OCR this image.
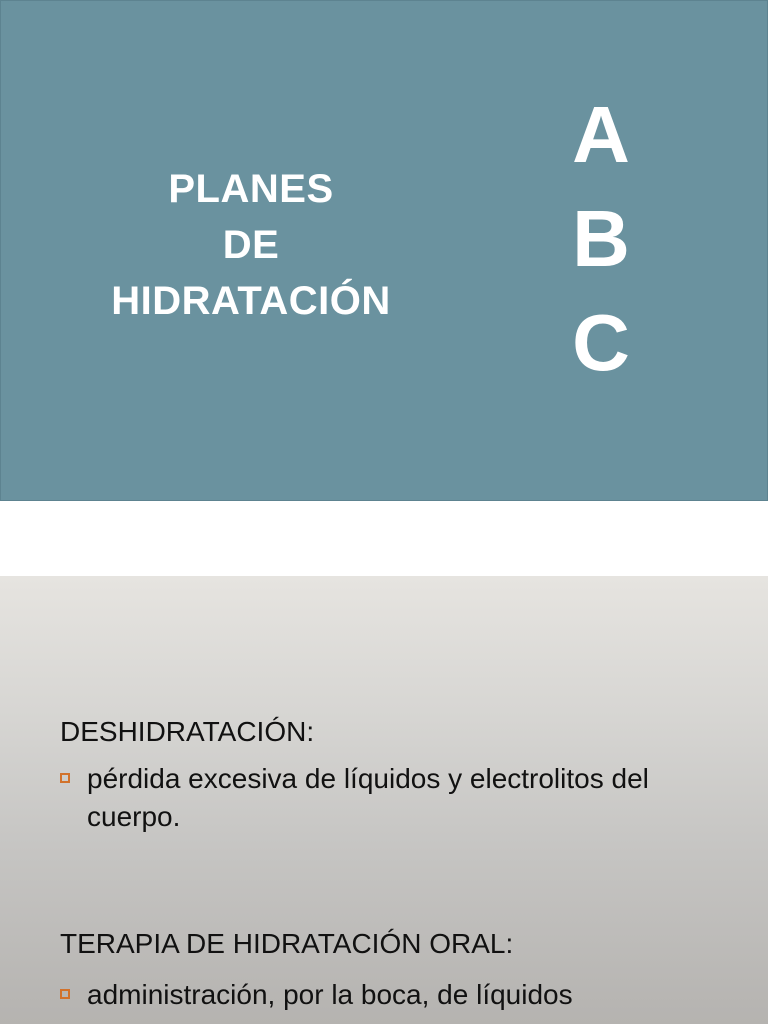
PLANES
DE
HIDRATACIÓN
A
B
C
DESHIDRATACIÓN:
pérdida excesiva de líquidos y electrolitos del cuerpo.
TERAPIA DE HIDRATACIÓN ORAL:
administración, por la boca, de líquidos
